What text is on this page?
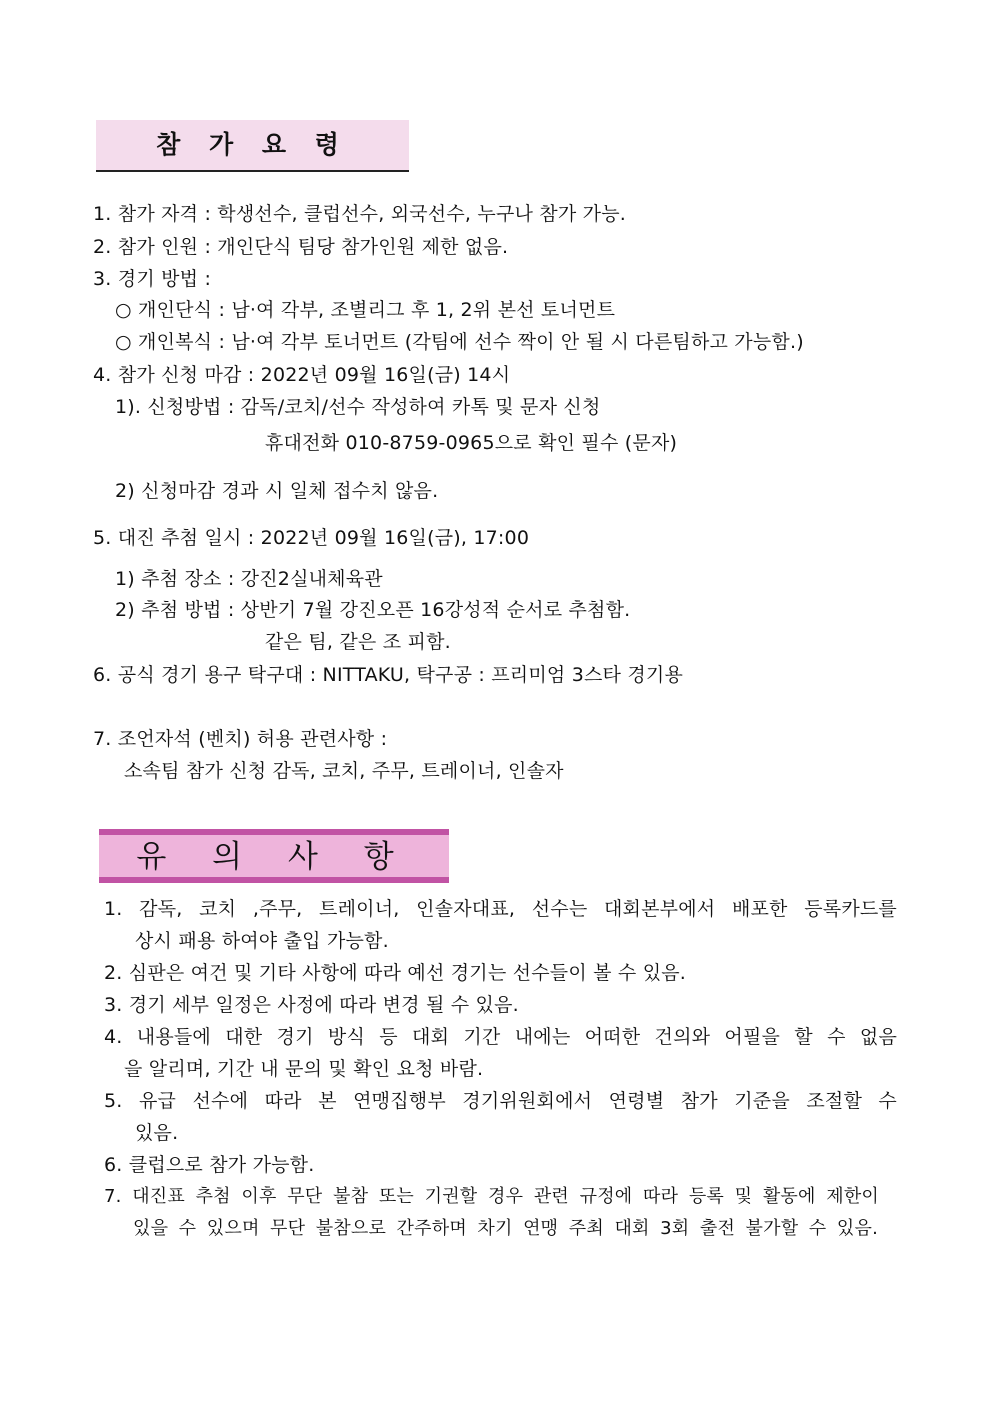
참 가 요 령
1. 참가 자격 : 학생선수, 클럽선수, 외국선수, 누구나 참가 가능.
2. 참가 인원 : 개인단식 팀당 참가인원 제한 없음.
3. 경기 방법 :
○ 개인단식 : 남·여 각부, 조별리그 후 1, 2위 본선 토너먼트
○ 개인복식 : 남·여 각부 토너먼트 (각팀에 선수 짝이 안 될 시 다른팀하고 가능함.)
4. 참가 신청 마감 : 2022년 09월 16일(금) 14시
1). 신청방법 : 감독/코치/선수 작성하여 카톡 및 문자 신청
휴대전화 010-8759-0965으로 확인 필수 (문자)
2) 신청마감 경과 시 일체 접수치 않음.
5. 대진 추첨 일시 : 2022년 09월 16일(금), 17:00
1) 추첨 장소 : 강진2실내체육관
2) 추첨 방법 : 상반기 7월 강진오픈 16강성적 순서로 추첨함.
같은 팀, 같은 조 피함.
6. 공식 경기 용구 탁구대 : NITTAKU, 탁구공 : 프리미엄 3스타 경기용
7. 조언자석 (벤치) 허용 관련사항 :
소속팀 참가 신청 감독, 코치, 주무, 트레이너, 인솔자
유 의 사 항
1. 감독, 코치 ,주무, 트레이너, 인솔자대표, 선수는 대회본부에서 배포한 등록카드를
상시 패용 하여야 출입 가능함.
2. 심판은 여건 및 기타 사항에 따라 예선 경기는 선수들이 볼 수 있음.
3. 경기 세부 일정은 사정에 따라 변경 될 수 있음.
4. 내용들에 대한 경기 방식 등 대회 기간 내에는 어떠한 건의와 어필을 할 수 없음
을 알리며, 기간 내 문의 및 확인 요청 바람.
5. 유급 선수에 따라 본 연맹집행부 경기위원회에서 연령별 참가 기준을 조절할 수
있음.
6. 클럽으로 참가 가능함.
7. 대진표 추첨 이후 무단 불참 또는 기권할 경우 관련 규정에 따라 등록 및 활동에 제한이
있을 수 있으며 무단 불참으로 간주하며 차기 연맹 주최 대회 3회 출전 불가할 수 있음.
